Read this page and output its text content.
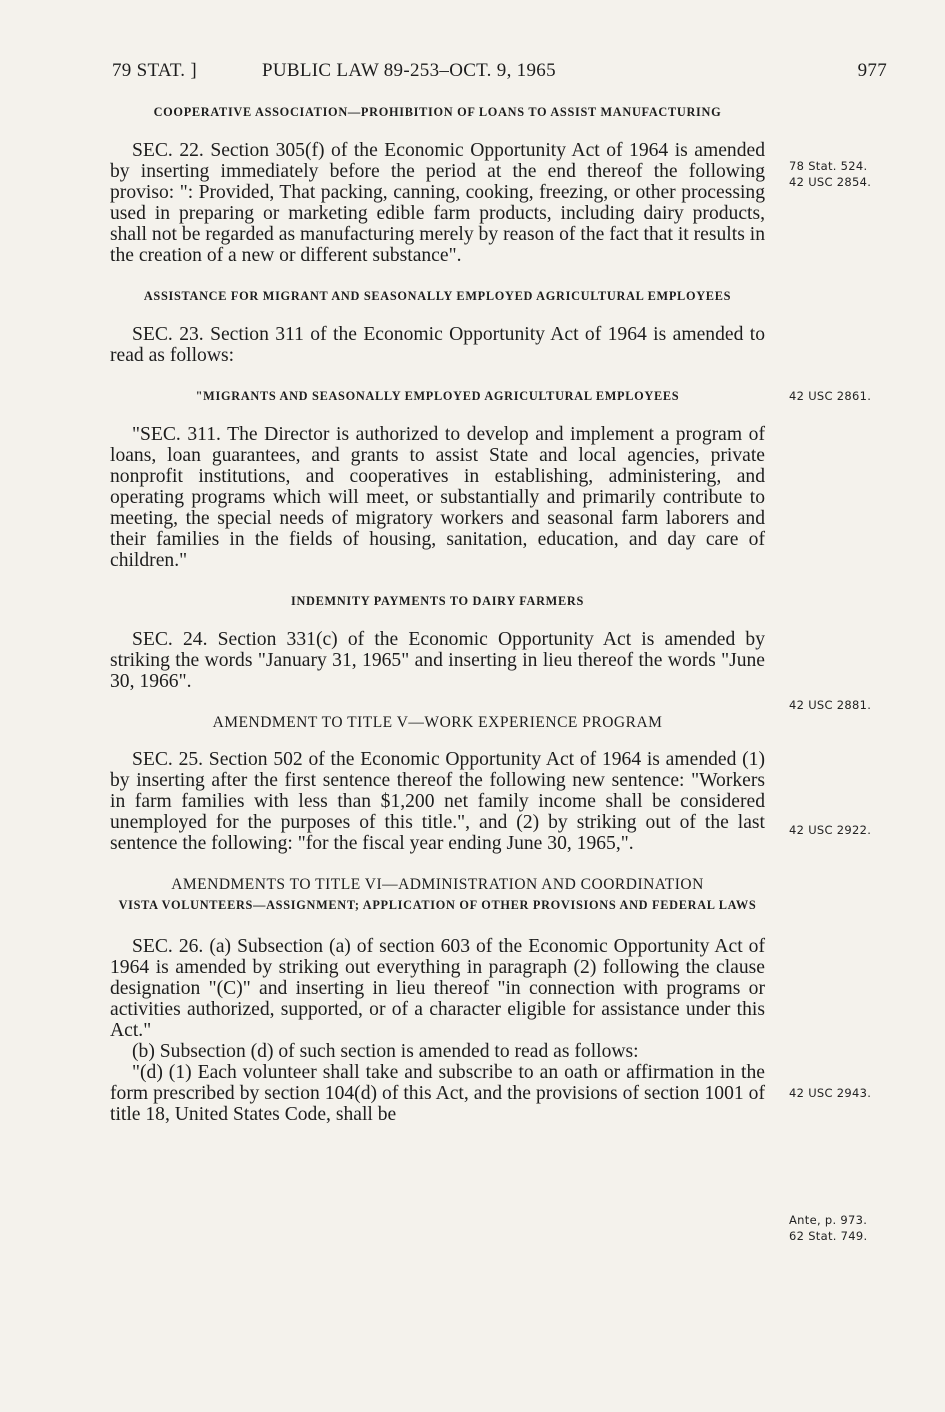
79 STAT. ]	PUBLIC LAW 89-253–OCT. 9, 1965	977

COOPERATIVE ASSOCIATION—PROHIBITION OF LOANS TO ASSIST MANUFACTURING

SEC. 22. Section 305(f) of the Economic Opportunity Act of 1964 is amended by inserting immediately before the period at the end thereof the following proviso: ": Provided, That packing, canning, cooking, freezing, or other processing used in preparing or marketing edible farm products, including dairy products, shall not be regarded as manufacturing merely by reason of the fact that it results in the creation of a new or different substance".

ASSISTANCE FOR MIGRANT AND SEASONALLY EMPLOYED AGRICULTURAL EMPLOYEES

SEC. 23. Section 311 of the Economic Opportunity Act of 1964 is amended to read as follows:

"MIGRANTS AND SEASONALLY EMPLOYED AGRICULTURAL EMPLOYEES

"SEC. 311. The Director is authorized to develop and implement a program of loans, loan guarantees, and grants to assist State and local agencies, private nonprofit institutions, and cooperatives in establishing, administering, and operating programs which will meet, or substantially and primarily contribute to meeting, the special needs of migratory workers and seasonal farm laborers and their families in the fields of housing, sanitation, education, and day care of children."

INDEMNITY PAYMENTS TO DAIRY FARMERS

SEC. 24. Section 331(c) of the Economic Opportunity Act is amended by striking the words "January 31, 1965" and inserting in lieu thereof the words "June 30, 1966".

AMENDMENT TO TITLE V—WORK EXPERIENCE PROGRAM

SEC. 25. Section 502 of the Economic Opportunity Act of 1964 is amended (1) by inserting after the first sentence thereof the following new sentence: "Workers in farm families with less than $1,200 net family income shall be considered unemployed for the purposes of this title.", and (2) by striking out of the last sentence the following: "for the fiscal year ending June 30, 1965,".

AMENDMENTS TO TITLE VI—ADMINISTRATION AND COORDINATION

VISTA VOLUNTEERS—ASSIGNMENT; APPLICATION OF OTHER PROVISIONS AND FEDERAL LAWS

SEC. 26. (a) Subsection (a) of section 603 of the Economic Opportunity Act of 1964 is amended by striking out everything in paragraph (2) following the clause designation "(C)" and inserting in lieu thereof "in connection with programs or activities authorized, supported, or of a character eligible for assistance under this Act."

(b) Subsection (d) of such section is amended to read as follows:

"(d) (1) Each volunteer shall take and subscribe to an oath or affirmation in the form prescribed by section 104(d) of this Act, and the provisions of section 1001 of title 18, United States Code, shall be

78 Stat. 524.
42 USC 2854.
42 USC 2861.
42 USC 2881.
42 USC 2922.
42 USC 2943.
Ante, p. 973.
62 Stat. 749.
